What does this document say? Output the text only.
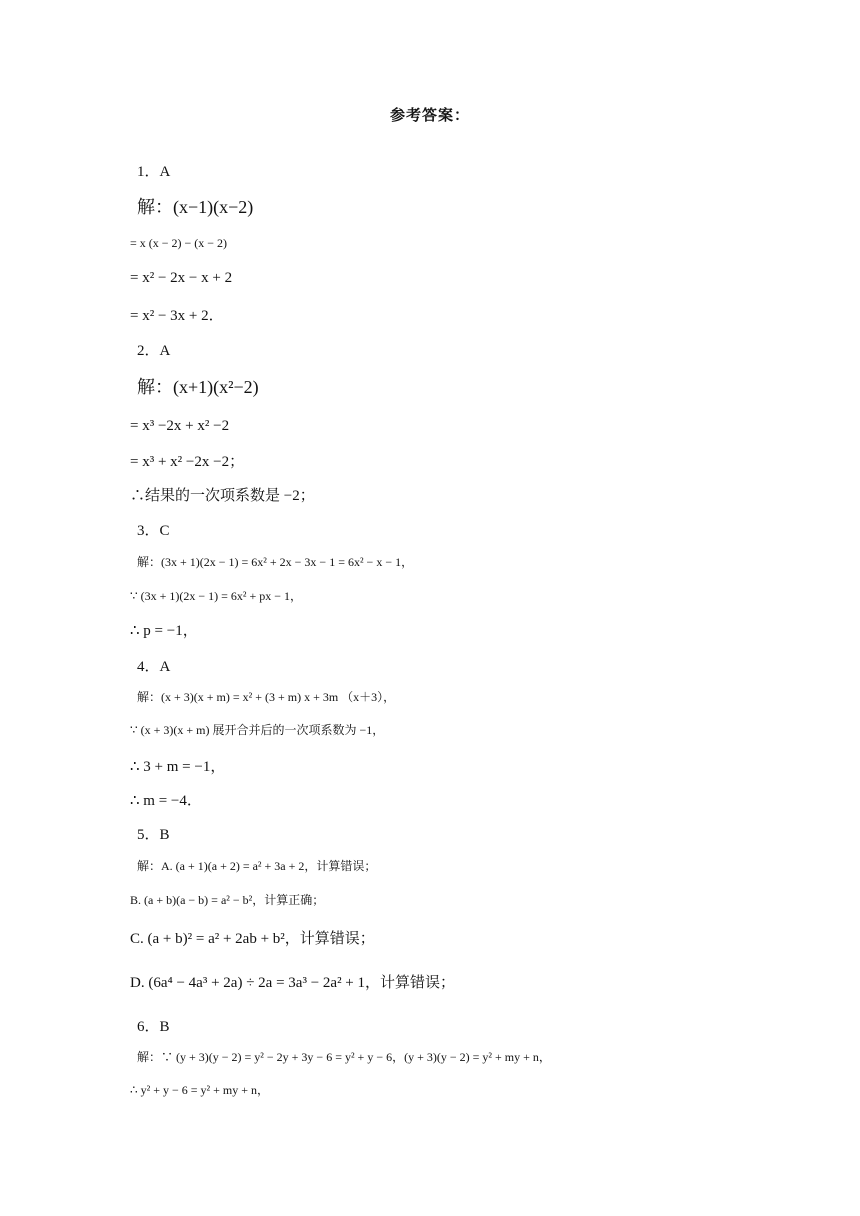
参考答案：
1．A
解：(x−1)(x−2)
= x (x − 2) − (x − 2)
= x² − 2x − x + 2
= x² − 3x + 2．
2．A
解：(x+1)(x²−2)
= x³ −2x + x² −2
= x³ + x² −2x −2；
∴结果的一次项系数是 −2；
3．C
解：(3x + 1)(2x − 1) = 6x² + 2x − 3x − 1 = 6x² − x − 1，
∵ (3x + 1)(2x − 1) = 6x² + px − 1，
∴ p = −1，
4．A
解：(x + 3)(x + m) = x² + (3 + m) x + 3m （x＋3），
∵ (x + 3)(x + m) 展开合并后的一次项系数为 −1，
∴ 3 + m = −1，
∴ m = −4．
5．B
解：A. (a + 1)(a + 2) = a² + 3a + 2，计算错误；
B. (a + b)(a − b) = a² − b²，计算正确；
C. (a + b)² = a² + 2ab + b²，计算错误；
D. (6a⁴ − 4a³ + 2a) ÷ 2a = 3a³ − 2a² + 1，计算错误；
6．B
解：∵ (y + 3)(y − 2) = y² − 2y + 3y − 6 = y² + y − 6，(y + 3)(y − 2) = y² + my + n，
∴ y² + y − 6 = y² + my + n，
